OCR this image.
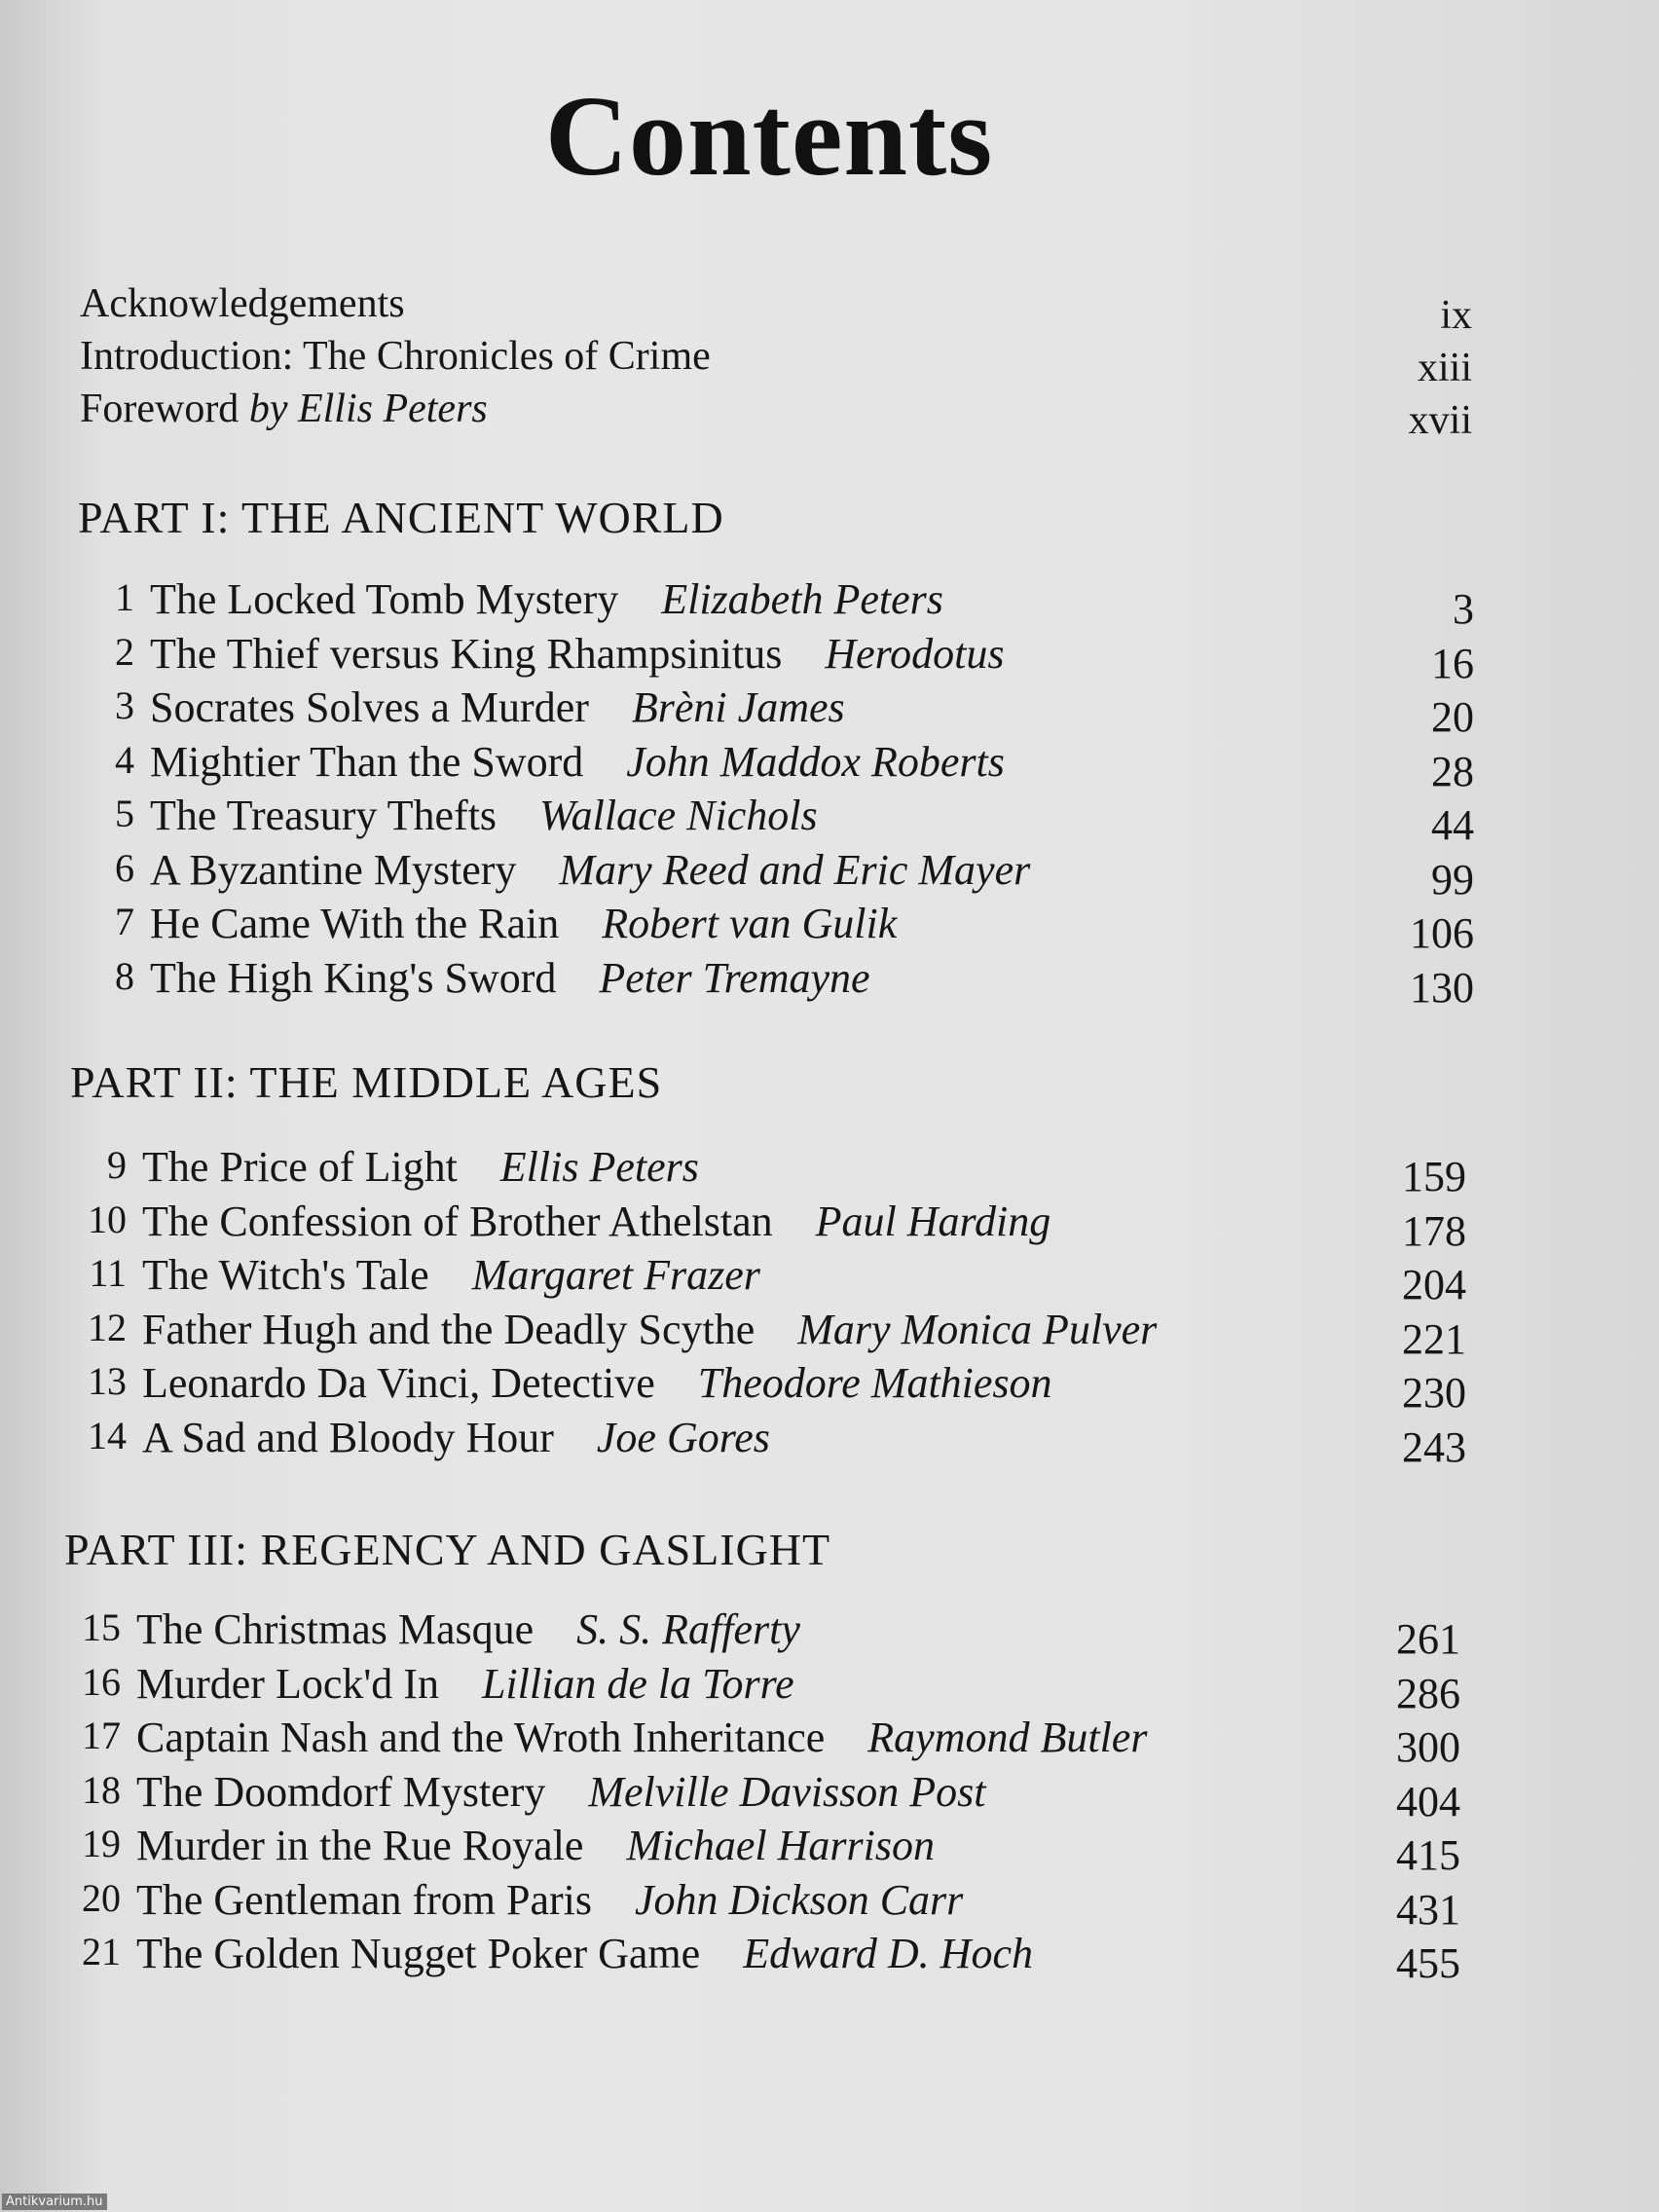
Contents
Acknowledgements	ix
Introduction: The Chronicles of Crime	xiii
Foreword by Ellis Peters	xvii
PART I: THE ANCIENT WORLD
1 The Locked Tomb Mystery Elizabeth Peters	3
2 The Thief versus King Rhampsinitus Herodotus	16
3 Socrates Solves a Murder Brèni James	20
4 Mightier Than the Sword John Maddox Roberts	28
5 The Treasury Thefts Wallace Nichols	44
6 A Byzantine Mystery Mary Reed and Eric Mayer	99
7 He Came With the Rain Robert van Gulik	106
8 The High King's Sword Peter Tremayne	130
PART II: THE MIDDLE AGES
9 The Price of Light Ellis Peters	159
10 The Confession of Brother Athelstan Paul Harding	178
11 The Witch's Tale Margaret Frazer	204
12 Father Hugh and the Deadly Scythe Mary Monica Pulver	221
13 Leonardo Da Vinci, Detective Theodore Mathieson	230
14 A Sad and Bloody Hour Joe Gores	243
PART III: REGENCY AND GASLIGHT
15 The Christmas Masque S. S. Rafferty	261
16 Murder Lock'd In Lillian de la Torre	286
17 Captain Nash and the Wroth Inheritance Raymond Butler	300
18 The Doomdorf Mystery Melville Davisson Post	404
19 Murder in the Rue Royale Michael Harrison	415
20 The Gentleman from Paris John Dickson Carr	431
21 The Golden Nugget Poker Game Edward D. Hoch	455
Antikvarium.hu
